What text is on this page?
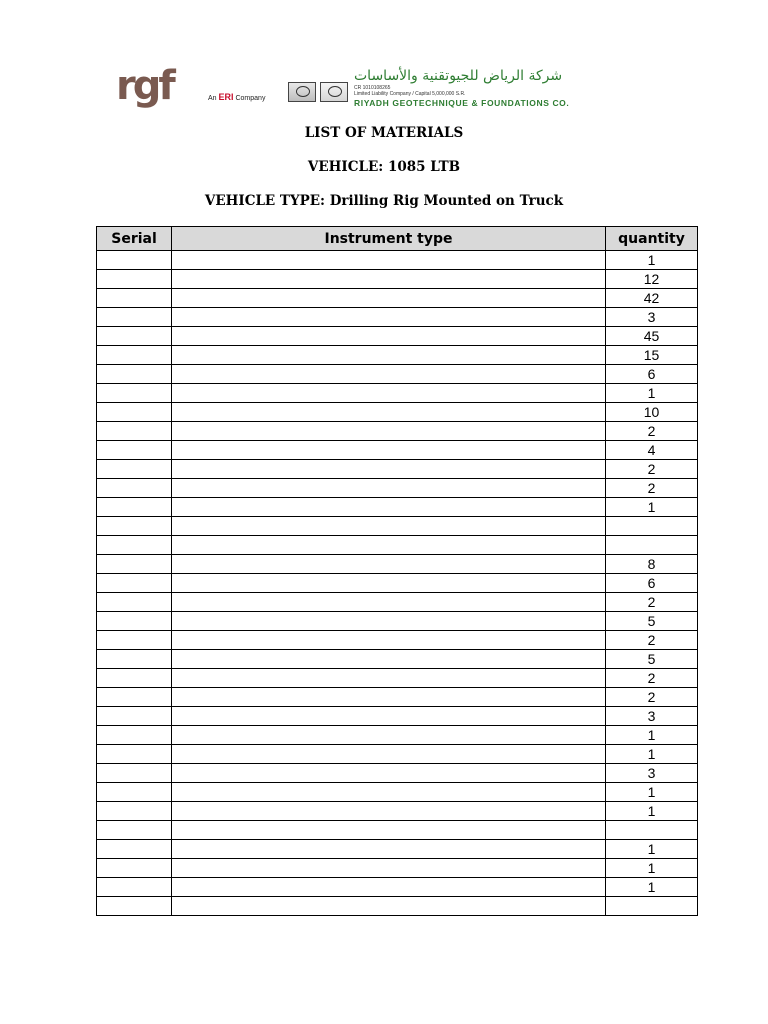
rgf	An ERI Company
شركة الرياض للجيوتقنية والأساسات
CR 1010108265
Limited Liability Company / Capital 5,000,000 S.R.
RIYADH GEOTECHNIQUE & FOUNDATIONS CO.
LIST OF MATERIALS
VEHICLE: 1085 LTB
VEHICLE TYPE: Drilling Rig Mounted on Truck
Serial	Instrument type	quantity
		1
		12
		42
		3
		45
		15
		6
		1
		10
		2
		4
		2
		2
		1

		8
		6
		2
		5
		2
		5
		2
		2
		3
		1
		1
		3
		1
		1

		1
		1
		1
